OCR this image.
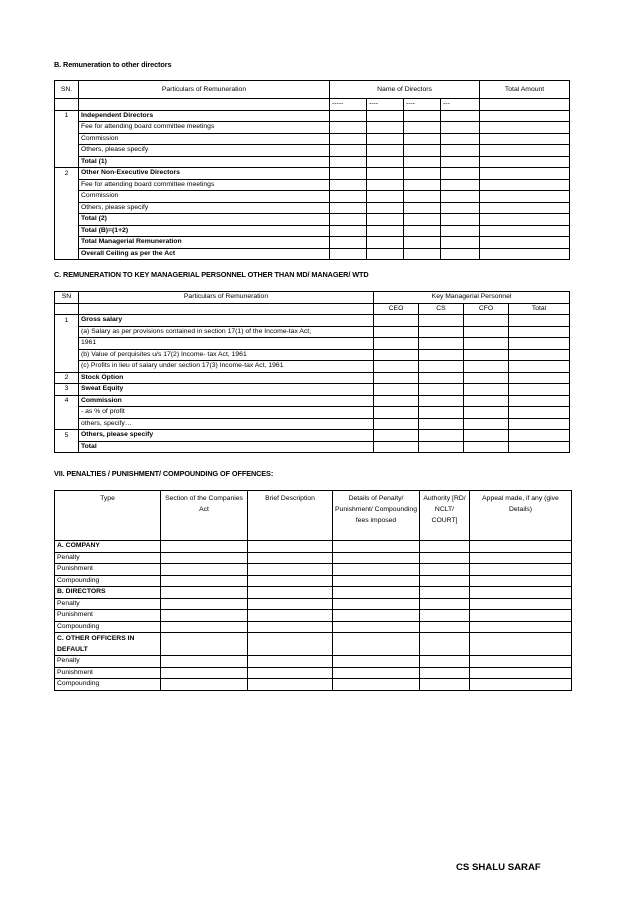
B. Remuneration to other directors
SN.	Particulars of Remuneration	Name of Directors				Total Amount
		-----	----	----	---	
1	Independent Directors					
	Fee for attending board committee meetings					
	Commission					
	Others, please specify					
	Total (1)					
2	Other Non-Executive Directors					
	Fee for attending board committee meetings					
	Commission					
	Others, please specify					
	Total (2)					
	Total (B)=(1+2)					
	Total Managerial Remuneration					
	Overall Ceiling as per the Act					
C. REMUNERATION TO KEY MANAGERIAL PERSONNEL OTHER THAN MD/ MANAGER/ WTD
SN	Particulars of Remuneration	Key Managerial Personnel			
		CEO	CS	CFO	Total
1	Gross salary				
	(a) Salary as per provisions contained in section 17(1) of the Income-tax Act,				
	1961				
	(b) Value of perquisites u/s 17(2) Income- tax Act, 1961				
	(c) Profits in lieu of salary under section 17(3) Income-tax Act, 1961				
2	Stock Option				
3	Sweat Equity				
4	Commission				
	- as % of profit				
	others, specify…				
5	Others, please specify				
	Total				
VII. PENALTIES / PUNISHMENT/ COMPOUNDING OF OFFENCES:
Type	Section of the Companies Act	Brief Description	Details of Penalty/ Punishment/ Compounding fees imposed	Authority [RD/ NCLT/ COURT]	Appeal made, if any (give Details)
A. COMPANY					
Penalty					
Punishment					
Compounding					
B. DIRECTORS					
Penalty					
Punishment					
Compounding					
C. OTHER OFFICERS IN DEFAULT					
Penalty					
Punishment					
Compounding					
CS SHALU SARAF
